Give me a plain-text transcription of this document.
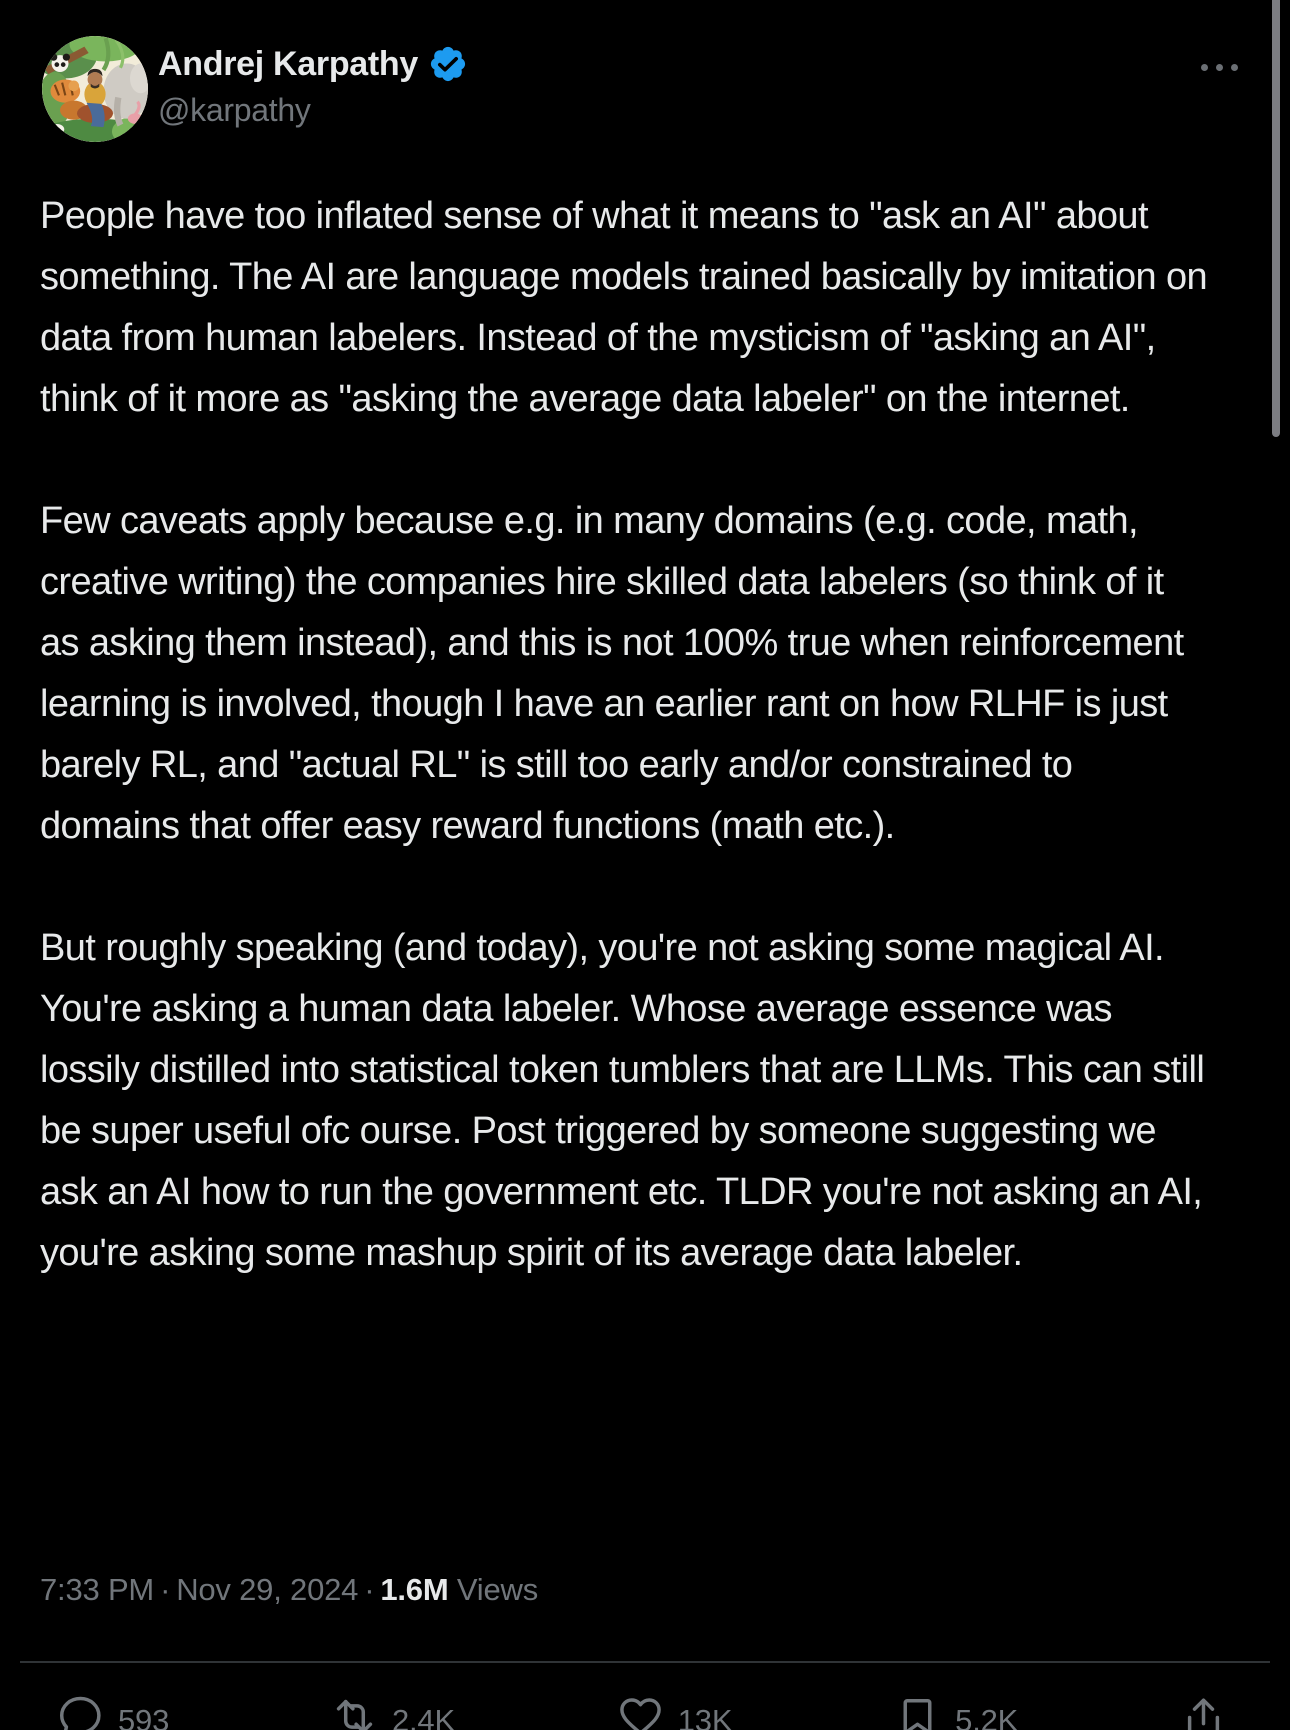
Andrej Karpathy
@karpathy

People have too inflated sense of what it means to "ask an AI" about something. The AI are language models trained basically by imitation on data from human labelers. Instead of the mysticism of "asking an AI", think of it more as "asking the average data labeler" on the internet.

Few caveats apply because e.g. in many domains (e.g. code, math, creative writing) the companies hire skilled data labelers (so think of it as asking them instead), and this is not 100% true when reinforcement learning is involved, though I have an earlier rant on how RLHF is just barely RL, and "actual RL" is still too early and/or constrained to domains that offer easy reward functions (math etc.).

But roughly speaking (and today), you're not asking some magical AI. You're asking a human data labeler. Whose average essence was lossily distilled into statistical token tumblers that are LLMs. This can still be super useful ofc ourse. Post triggered by someone suggesting we ask an AI how to run the government etc. TLDR you're not asking an AI, you're asking some mashup spirit of its average data labeler.

7:33 PM · Nov 29, 2024 · 1.6M Views
593	2.4K	13K	5.2K
